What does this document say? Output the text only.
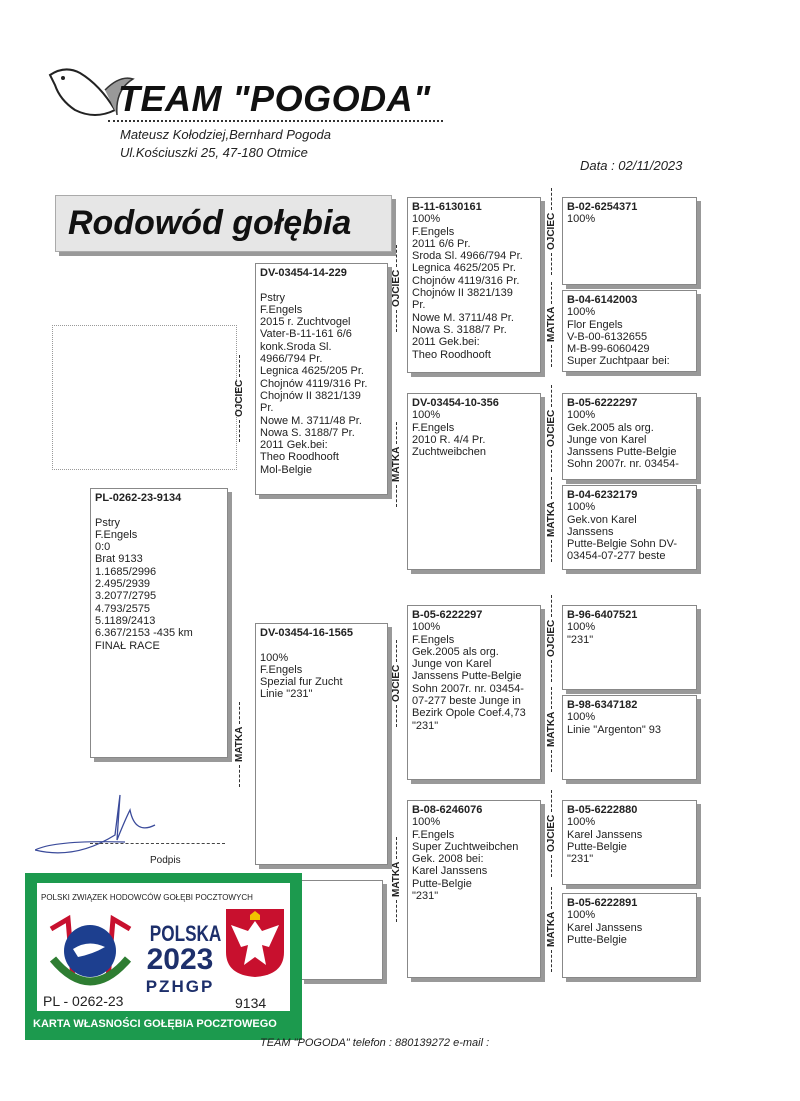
TEAM "POGODA"
Mateusz Kołodziej,Bernhard Pogoda
Ul.Kościuszki 25, 47-180 Otmice
Data : 02/11/2023
Rodowód gołębia
PL-0262-23-9134
Pstry
F.Engels
0:0
Brat 9133
1.1685/2996
2.495/2939
3.2077/2795
4.793/2575
5.1189/2413
6.367/2153 -435 km
FINAŁ RACE
DV-03454-14-229
Pstry
F.Engels
2015 r. Zuchtvogel
Vater-B-11-161 6/6
konk.Sroda Sl.
4966/794 Pr.
Legnica 4625/205 Pr.
Chojnów 4119/316 Pr.
Chojnów II 3821/139
Pr.
Nowe M. 3711/48 Pr.
Nowa S. 3188/7 Pr.
2011 Gek.bei:
Theo Roodhooft
Mol-Belgie
DV-03454-16-1565
100%
F.Engels
Spezial fur Zucht
Linie "231"
B-11-6130161
100%
F.Engels
2011 6/6 Pr.
Sroda Sl. 4966/794 Pr.
Legnica 4625/205 Pr.
Chojnów 4119/316 Pr.
Chojnów II 3821/139
Pr.
Nowe M. 3711/48 Pr.
Nowa S. 3188/7 Pr.
2011 Gek.bei:
Theo Roodhooft
DV-03454-10-356
100%
F.Engels
2010 R. 4/4 Pr.
Zuchtweibchen
B-05-6222297
100%
F.Engels
Gek.2005 als org.
Junge von Karel
Janssens Putte-Belgie
Sohn 2007r. nr. 03454-
07-277 beste Junge in
Bezirk Opole Coef.4,73
"231"
B-08-6246076
100%
F.Engels
Super Zuchtweibchen
Gek. 2008 bei:
Karel Janssens
Putte-Belgie
"231"
B-02-6254371
100%
B-04-6142003
100%
Flor Engels
V-B-00-6132655
M-B-99-6060429
Super Zuchtpaar bei:
B-05-6222297
100%
Gek.2005 als org.
Junge von Karel
Janssens Putte-Belgie
Sohn 2007r. nr. 03454-
B-04-6232179
100%
Gek.von Karel
Janssens
Putte-Belgie Sohn DV-
03454-07-277 beste
B-96-6407521
100%
"231"
B-98-6347182
100%
Linie "Argenton" 93
B-05-6222880
100%
Karel Janssens
Putte-Belgie
"231"
B-05-6222891
100%
Karel Janssens
Putte-Belgie
OJCIEC
MATKA
OJCIEC
MATKA
OJCIEC
MATKA
OJCIEC
MATKA
OJCIEC
MATKA
OJCIEC
MATKA
OJCIEC
MATKA
Podpis
POLSKI ZWIĄZEK HODOWCÓW GOŁĘBI POCZTOWYCH
POLSKA
2023
PZHGP
PL - 0262-23	9134
KARTA WŁASNOŚCI GOŁĘBIA POCZTOWEGO
TEAM "POGODA" telefon : 880139272 e-mail :
